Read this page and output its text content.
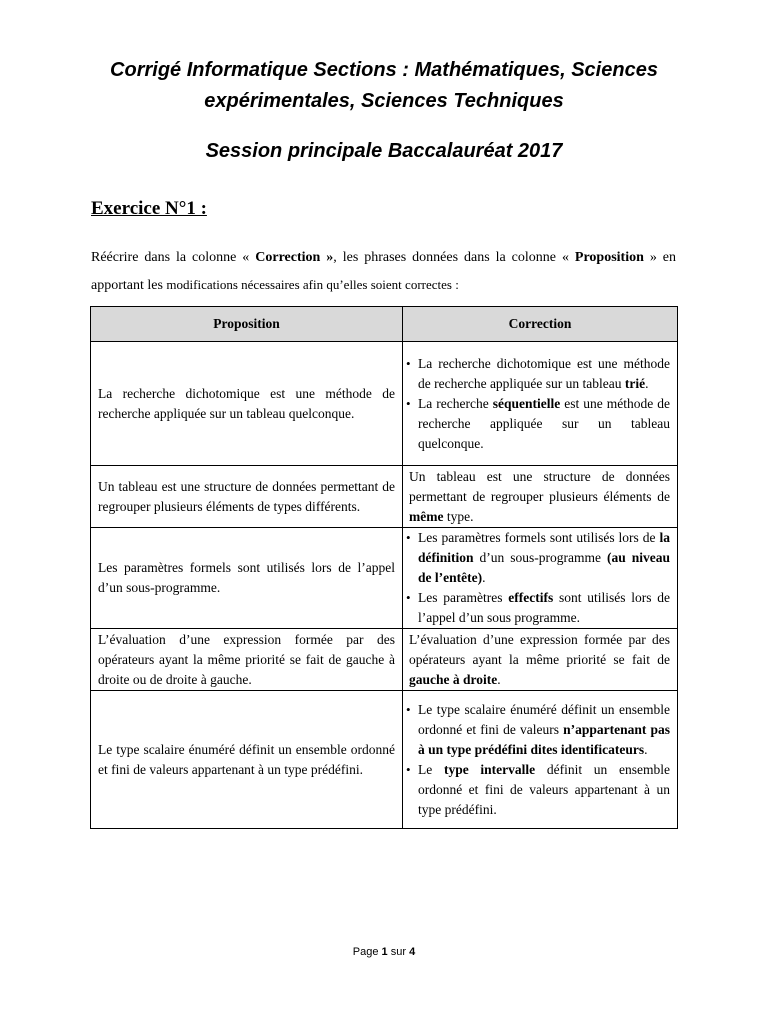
Corrigé Informatique Sections : Mathématiques, Sciences
expérimentales, Sciences Techniques
Session principale Baccalauréat 2017
Exercice N°1 :
Réécrire dans la colonne « Correction », les phrases données dans la colonne « Proposition » en apportant les modifications nécessaires afin qu’elles soient correctes :
Proposition	Correction
La recherche dichotomique est une méthode de recherche appliquée sur un tableau quelconque.	• La recherche dichotomique est une méthode de recherche appliquée sur un tableau trié.
• La recherche séquentielle est une méthode de recherche appliquée sur un tableau quelconque.

Un tableau est une structure de données permettant de regrouper plusieurs éléments de types différents.	Un tableau est une structure de données permettant de regrouper plusieurs éléments de même type.
Les paramètres formels sont utilisés lors de l’appel d’un sous-programme.	• Les paramètres formels sont utilisés lors de la définition d’un sous-programme (au niveau de l’entête).
• Les paramètres effectifs sont utilisés lors de l’appel d’un sous programme.

L’évaluation d’une expression formée par des opérateurs ayant la même priorité se fait de gauche à droite ou de droite à gauche.	L’évaluation d’une expression formée par des opérateurs ayant la même priorité se fait de gauche à droite.
Le type scalaire énuméré définit un ensemble ordonné et fini de valeurs appartenant à un type prédéfini.	• Le type scalaire énuméré définit un ensemble ordonné et fini de valeurs n’appartenant pas à un type prédéfini dites identificateurs.
• Le type intervalle définit un ensemble ordonné et fini de valeurs appartenant à un type prédéfini.
Page 1 sur 4
